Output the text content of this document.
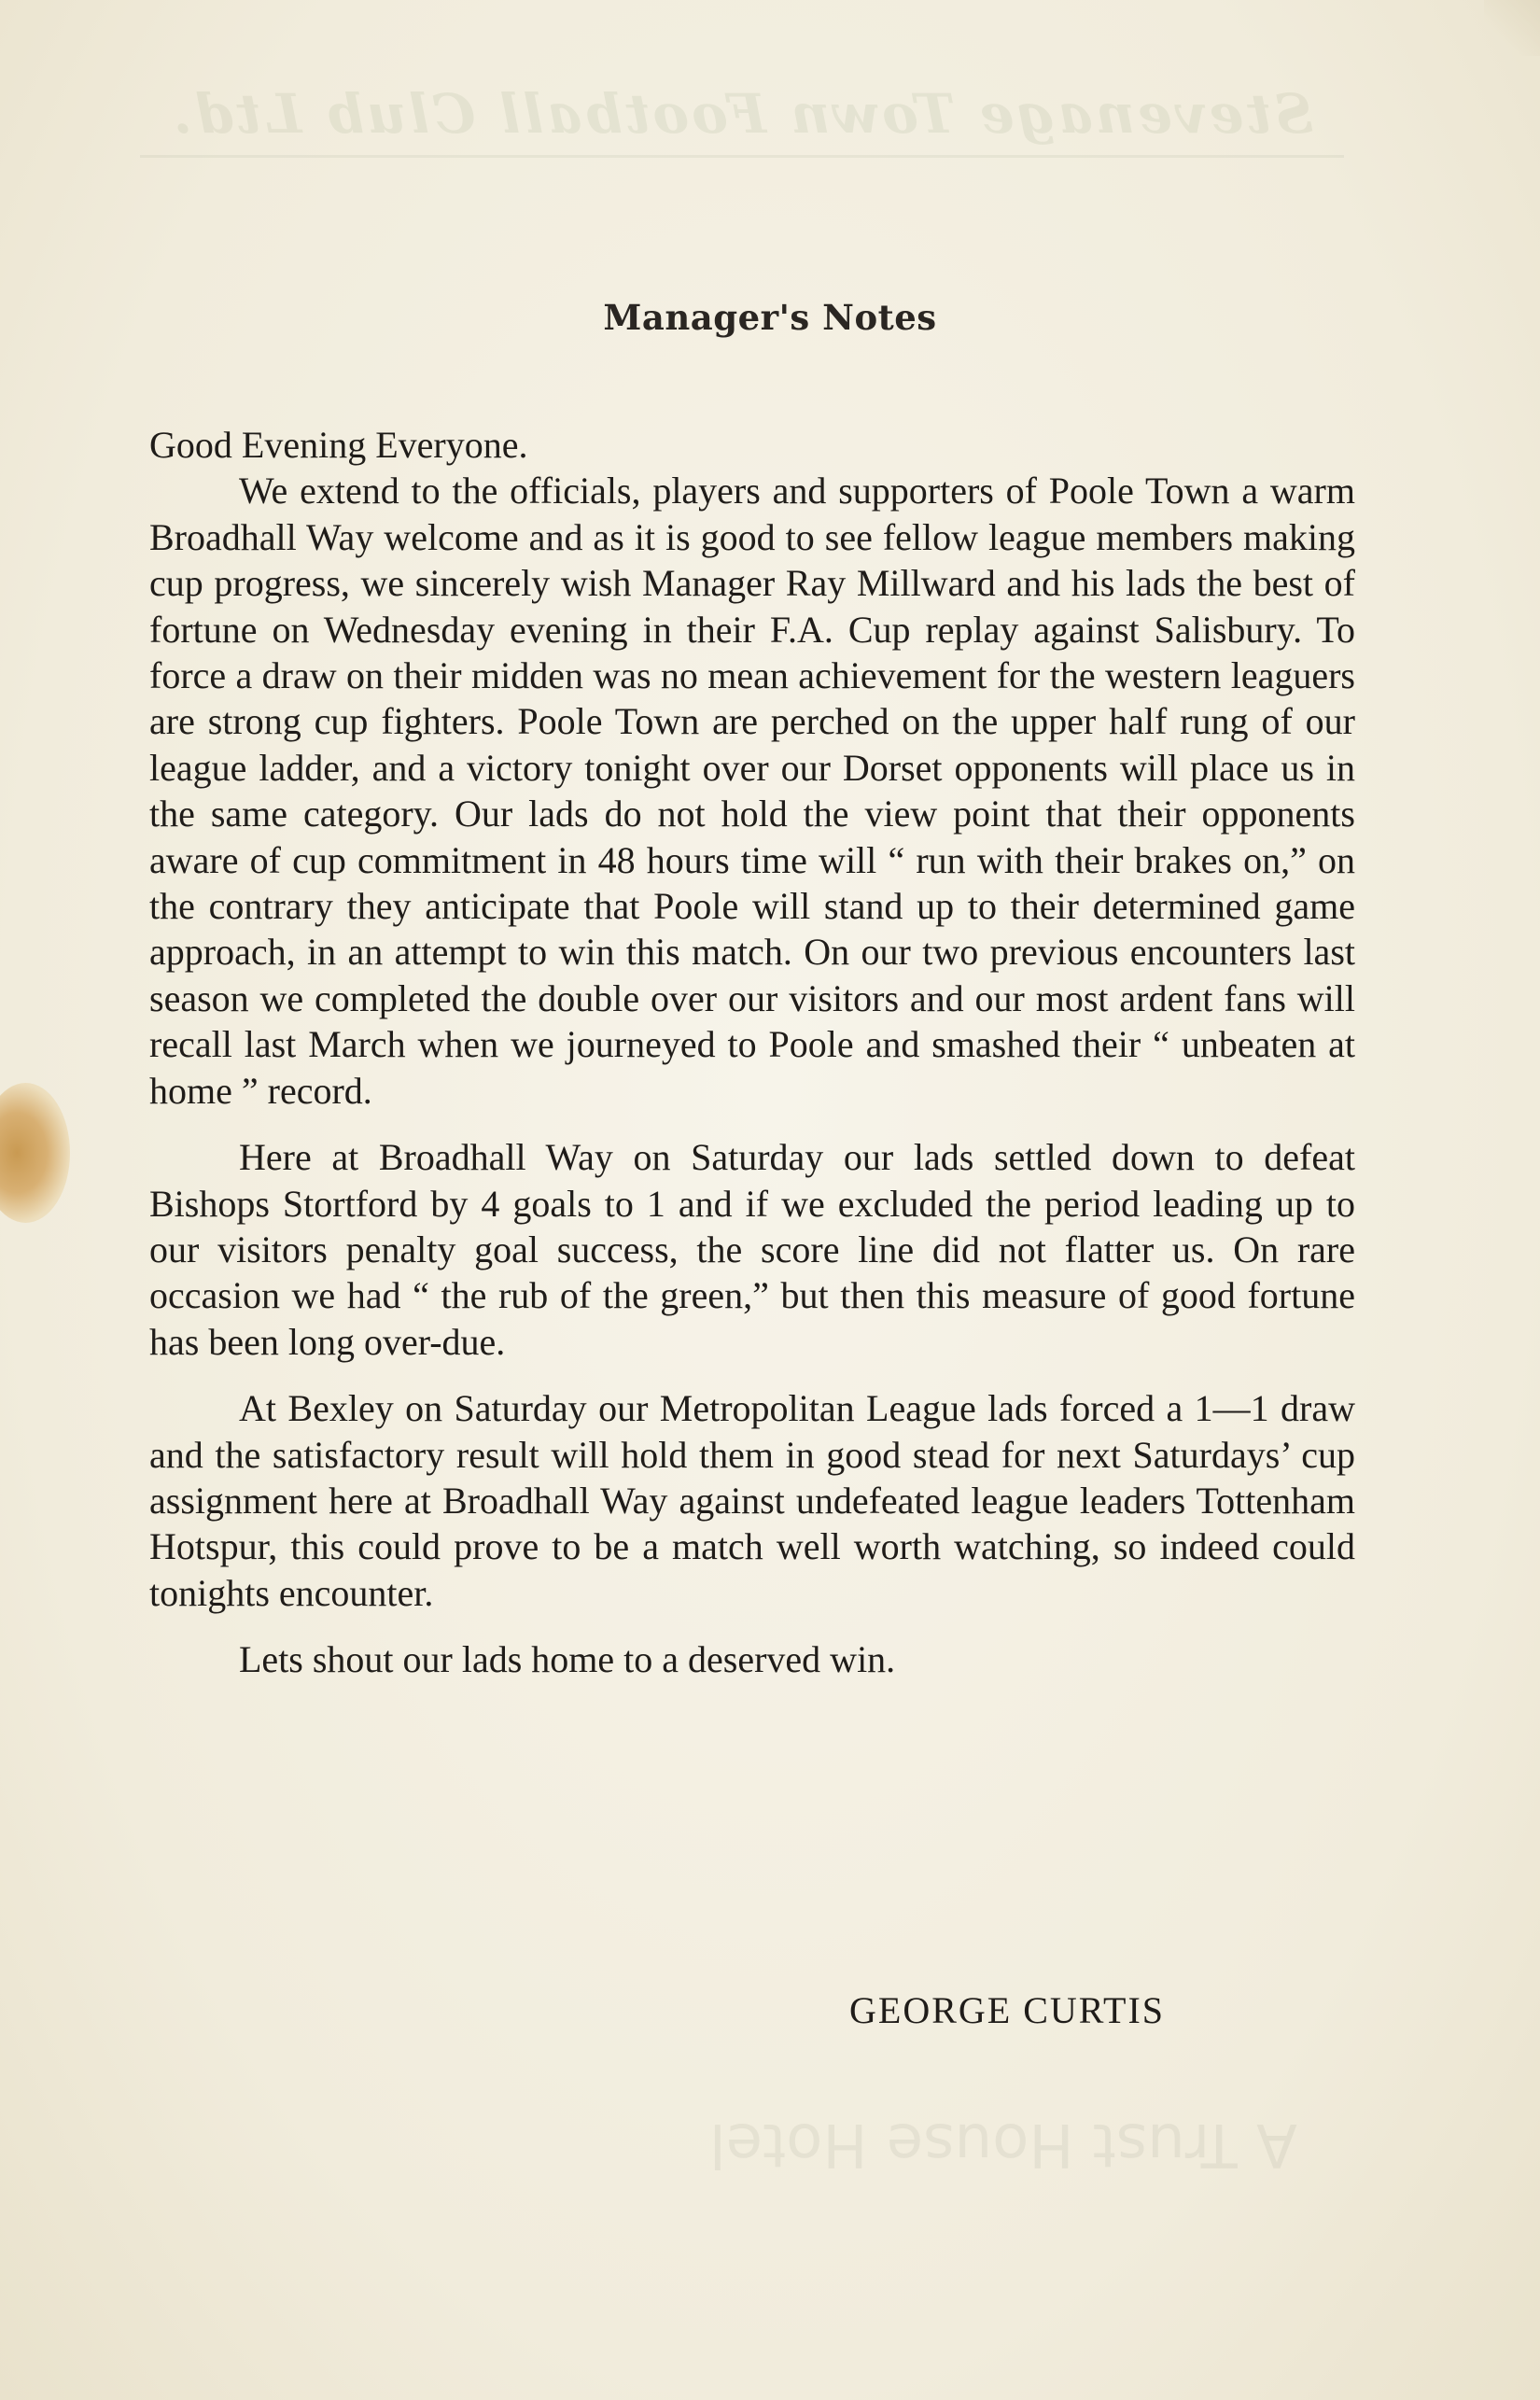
Stevenage Town Football Club Ltd.
Manager's Notes

Good Evening Everyone.

We extend to the officials, players and supporters of Poole Town a warm Broadhall Way welcome and as it is good to see fellow league members making cup progress, we sincerely wish Manager Ray Millward and his lads the best of fortune on Wednesday evening in their F.A. Cup replay against Salisbury. To force a draw on their midden was no mean achievement for the western leaguers are strong cup fighters. Poole Town are perched on the upper half rung of our league ladder, and a victory tonight over our Dorset opponents will place us in the same category. Our lads do not hold the view point that their opponents aware of cup commitment in 48 hours time will “ run with their brakes on,” on the contrary they anticipate that Poole will stand up to their determined game approach, in an attempt to win this match. On our two previous encounters last season we completed the double over our visitors and our most ardent fans will recall last March when we journeyed to Poole and smashed their “ unbeaten at home ” record.

Here at Broadhall Way on Saturday our lads settled down to defeat Bishops Stortford by 4 goals to 1 and if we excluded the period leading up to our visitors penalty goal success, the score line did not flatter us. On rare occasion we had “ the rub of the green,” but then this measure of good fortune has been long over-due.

At Bexley on Saturday our Metropolitan League lads forced a 1—1 draw and the satisfactory result will hold them in good stead for next Saturdays’ cup assignment here at Broadhall Way against undefeated league leaders Tottenham Hotspur, this could prove to be a match well worth watching, so indeed could tonights encounter.

Lets shout our lads home to a deserved win.

GEORGE CURTIS
A Trust House Hotel
